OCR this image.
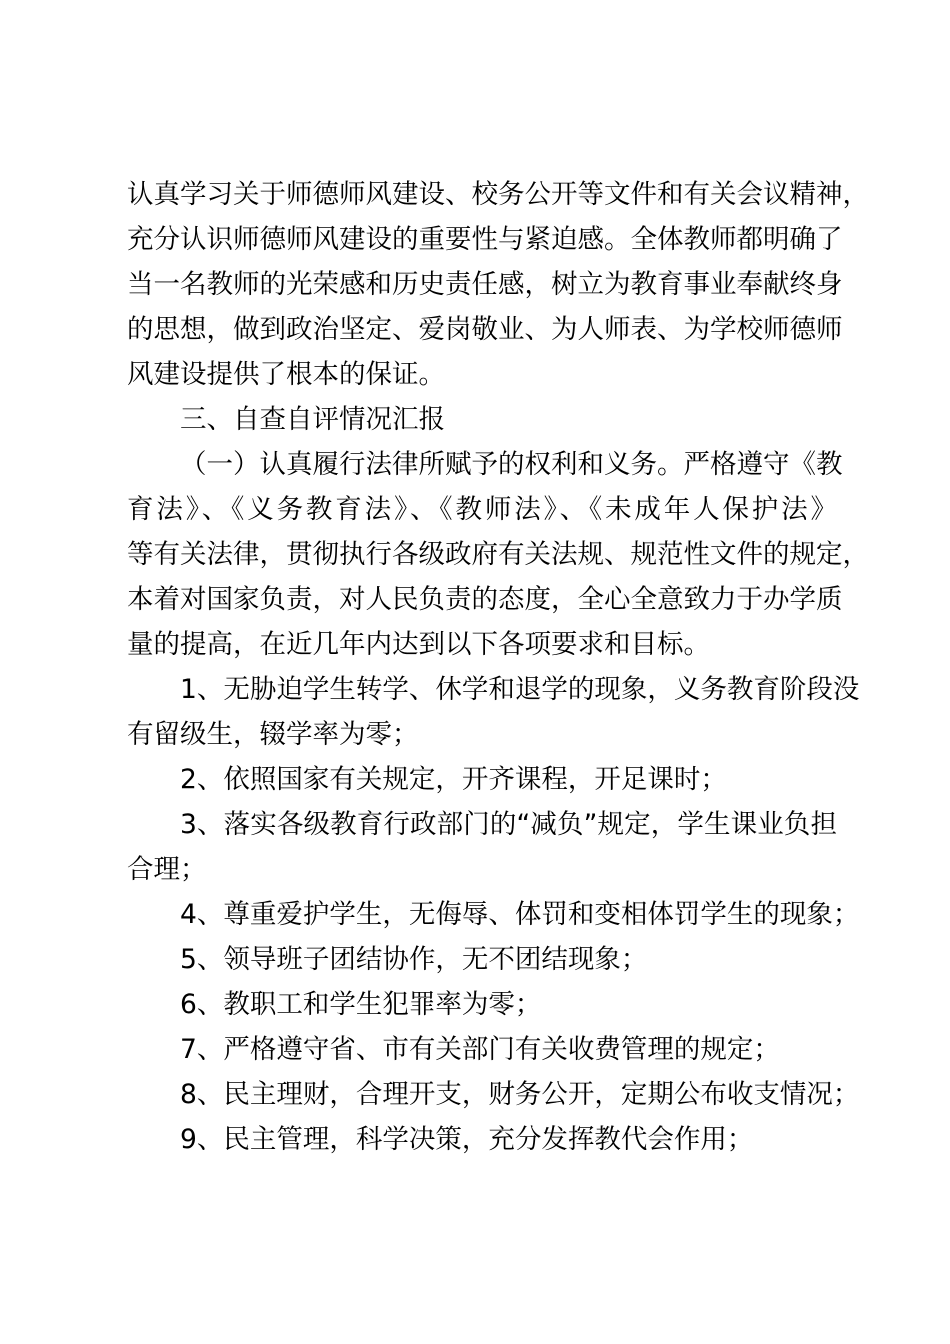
认真学习关于师德师风建设、校务公开等文件和有关会议精神，
充分认识师德师风建设的重要性与紧迫感。全体教师都明确了
当一名教师的光荣感和历史责任感，树立为教育事业奉献终身
的思想，做到政治坚定、爱岗敬业、为人师表、为学校师德师
风建设提供了根本的保证。
三、自查自评情况汇报
（一）认真履行法律所赋予的权利和义务。严格遵守《教
育法》、《义务教育法》、《教师法》、《未成年人保护法》
等有关法律，贯彻执行各级政府有关法规、规范性文件的规定，
本着对国家负责，对人民负责的态度，全心全意致力于办学质
量的提高，在近几年内达到以下各项要求和目标。
1、无胁迫学生转学、休学和退学的现象，义务教育阶段没
有留级生，辍学率为零；
2、依照国家有关规定，开齐课程，开足课时；
3、落实各级教育行政部门的“减负”规定，学生课业负担
合理；
4、尊重爱护学生，无侮辱、体罚和变相体罚学生的现象；
5、领导班子团结协作，无不团结现象；
6、教职工和学生犯罪率为零；
7、严格遵守省、市有关部门有关收费管理的规定；
8、民主理财，合理开支，财务公开，定期公布收支情况；
9、民主管理，科学决策，充分发挥教代会作用；
